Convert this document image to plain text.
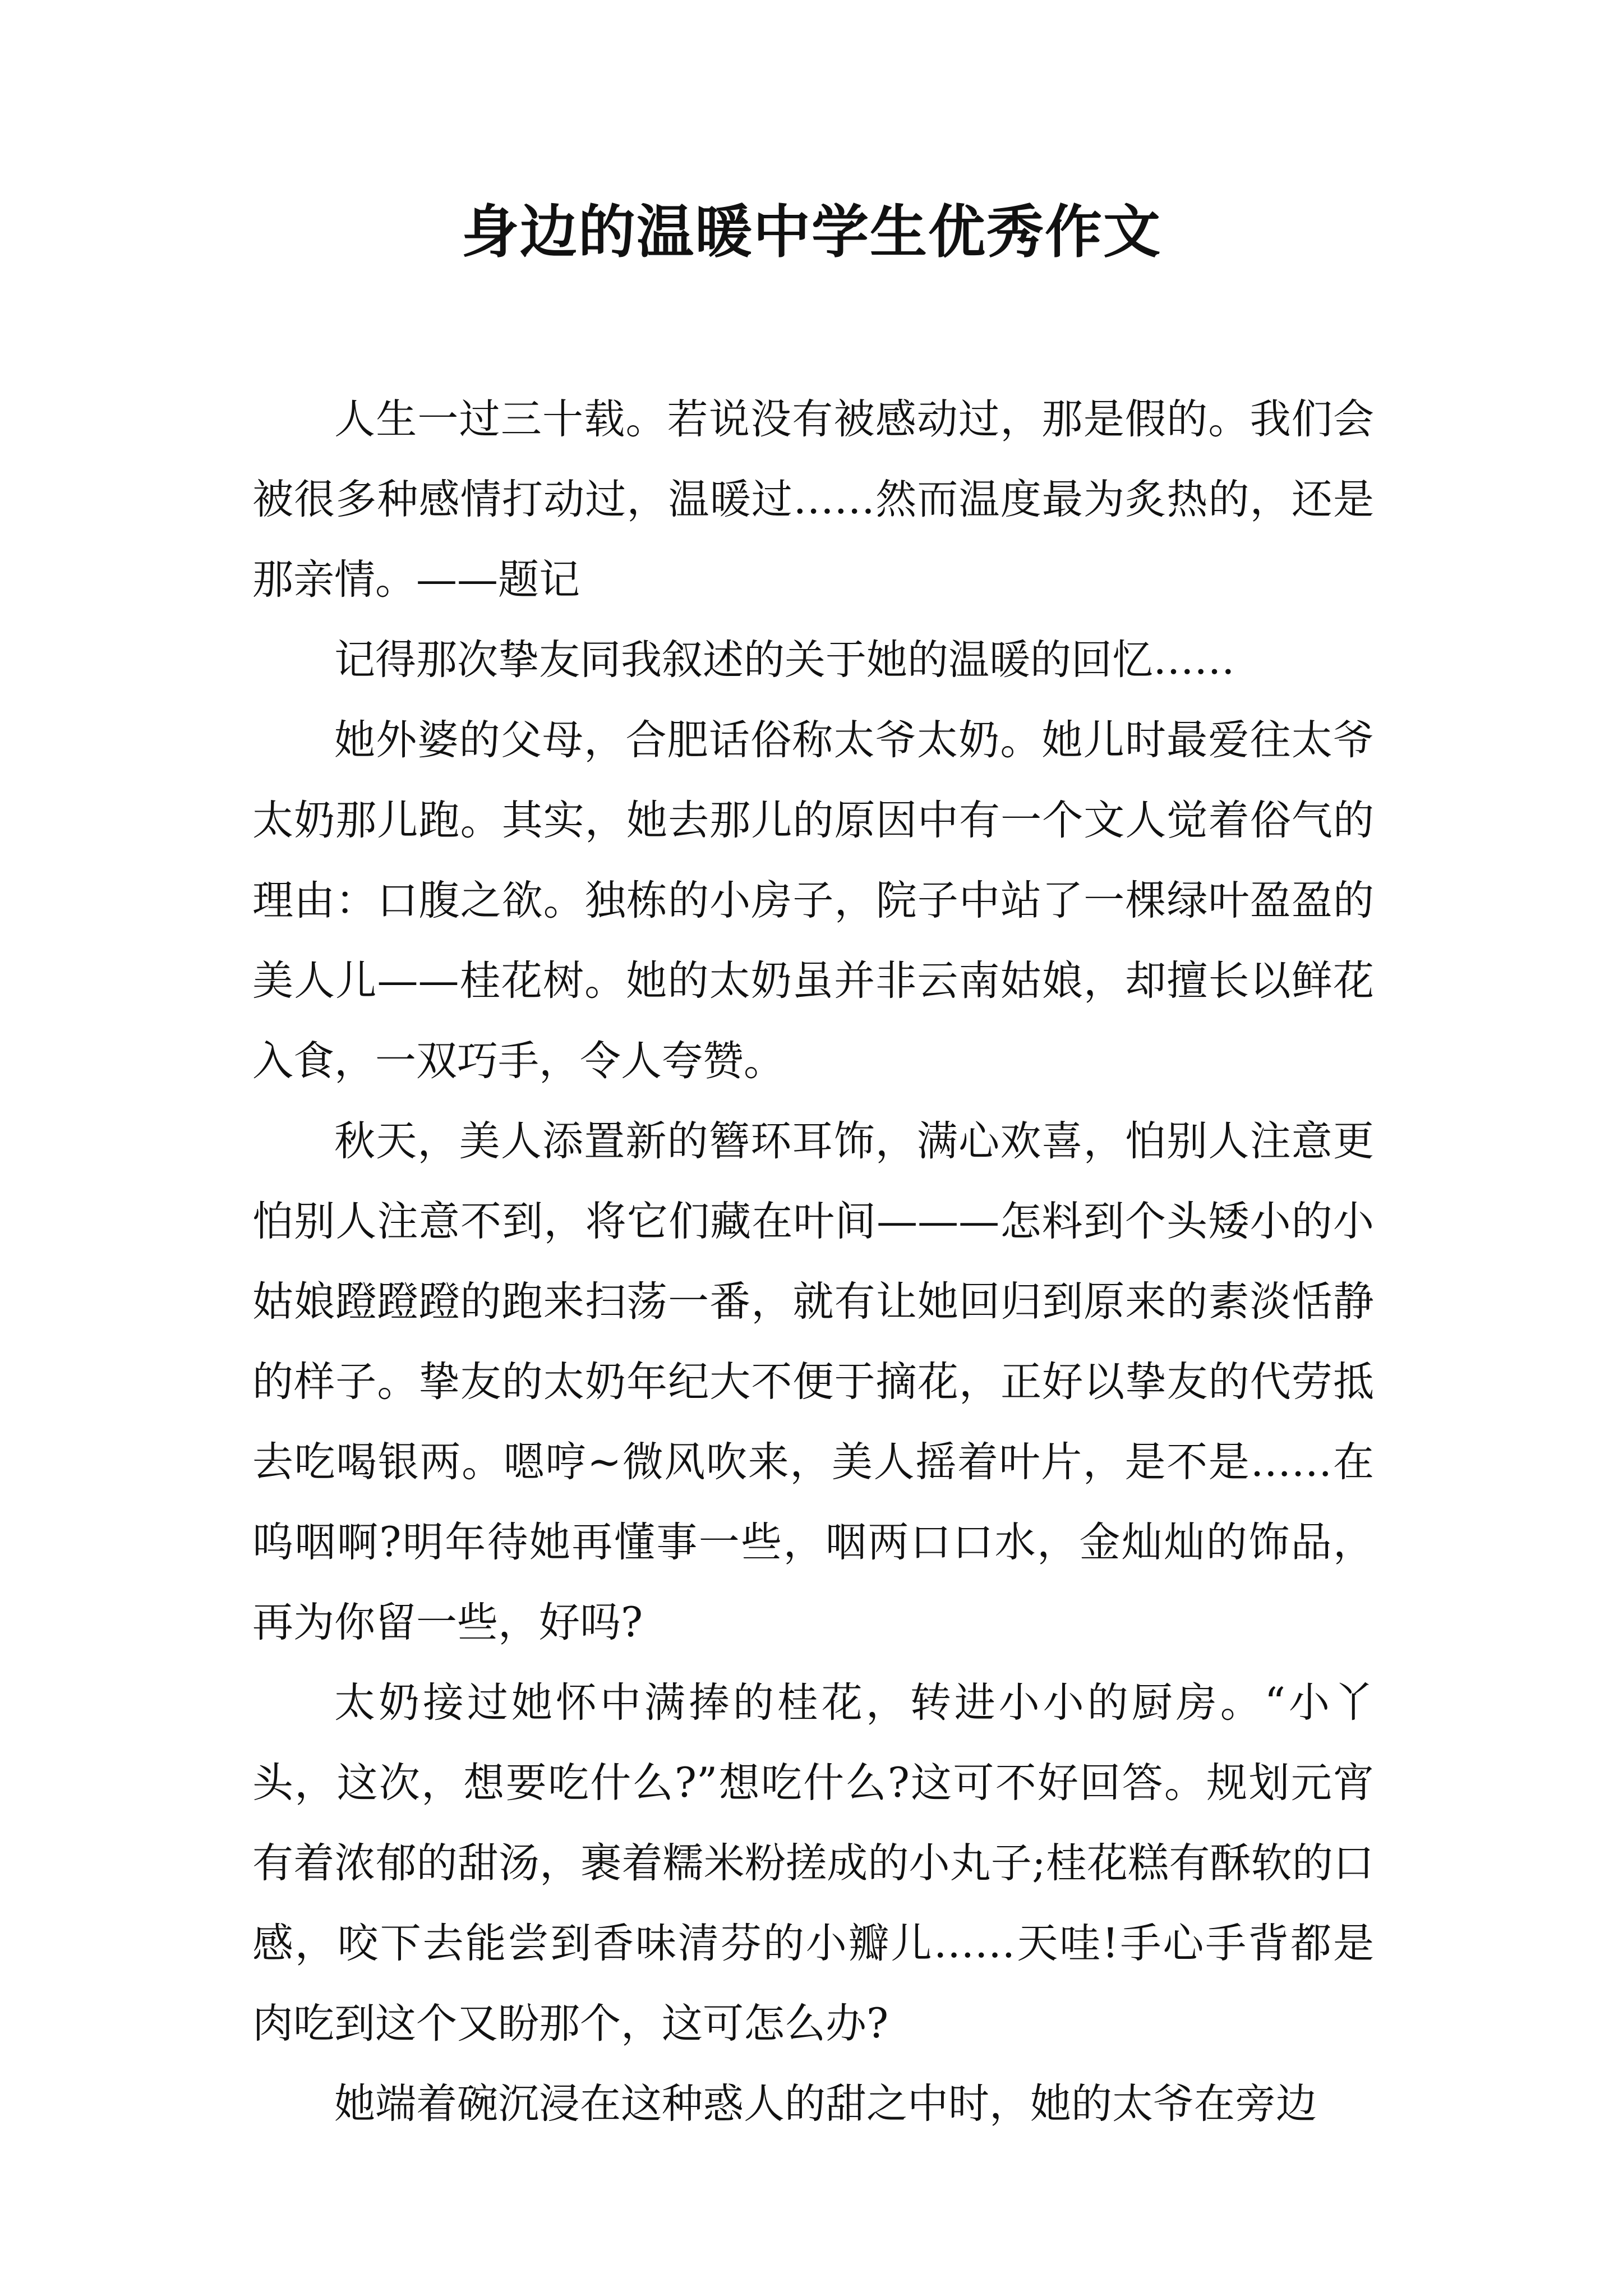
身边的温暖中学生优秀作文

人生一过三十载。若说没有被感动过，那是假的。我们会被很多种感情打动过，温暖过……然而温度最为炙热的，还是那亲情。——题记

记得那次挚友同我叙述的关于她的温暖的回忆……

她外婆的父母，合肥话俗称太爷太奶。她儿时最爱往太爷太奶那儿跑。其实，她去那儿的原因中有一个文人觉着俗气的理由：口腹之欲。独栋的小房子，院子中站了一棵绿叶盈盈的美人儿——桂花树。她的太奶虽并非云南姑娘，却擅长以鲜花入食，一双巧手，令人夸赞。

秋天，美人添置新的簪环耳饰，满心欢喜，怕别人注意更怕别人注意不到，将它们藏在叶间———怎料到个头矮小的小姑娘蹬蹬蹬的跑来扫荡一番，就有让她回归到原来的素淡恬静的样子。挚友的太奶年纪大不便于摘花，正好以挚友的代劳抵去吃喝银两。嗯哼~微风吹来，美人摇着叶片，是不是……在呜咽啊?明年待她再懂事一些，咽两口口水，金灿灿的饰品，再为你留一些，好吗?

太奶接过她怀中满捧的桂花，转进小小的厨房。“小丫头，这次，想要吃什么?”想吃什么?这可不好回答。规划元宵有着浓郁的甜汤，裹着糯米粉搓成的小丸子;桂花糕有酥软的口感，咬下去能尝到香味清芬的小瓣儿……天哇!手心手背都是肉吃到这个又盼那个，这可怎么办?

她端着碗沉浸在这种惑人的甜之中时，她的太爷在旁边
